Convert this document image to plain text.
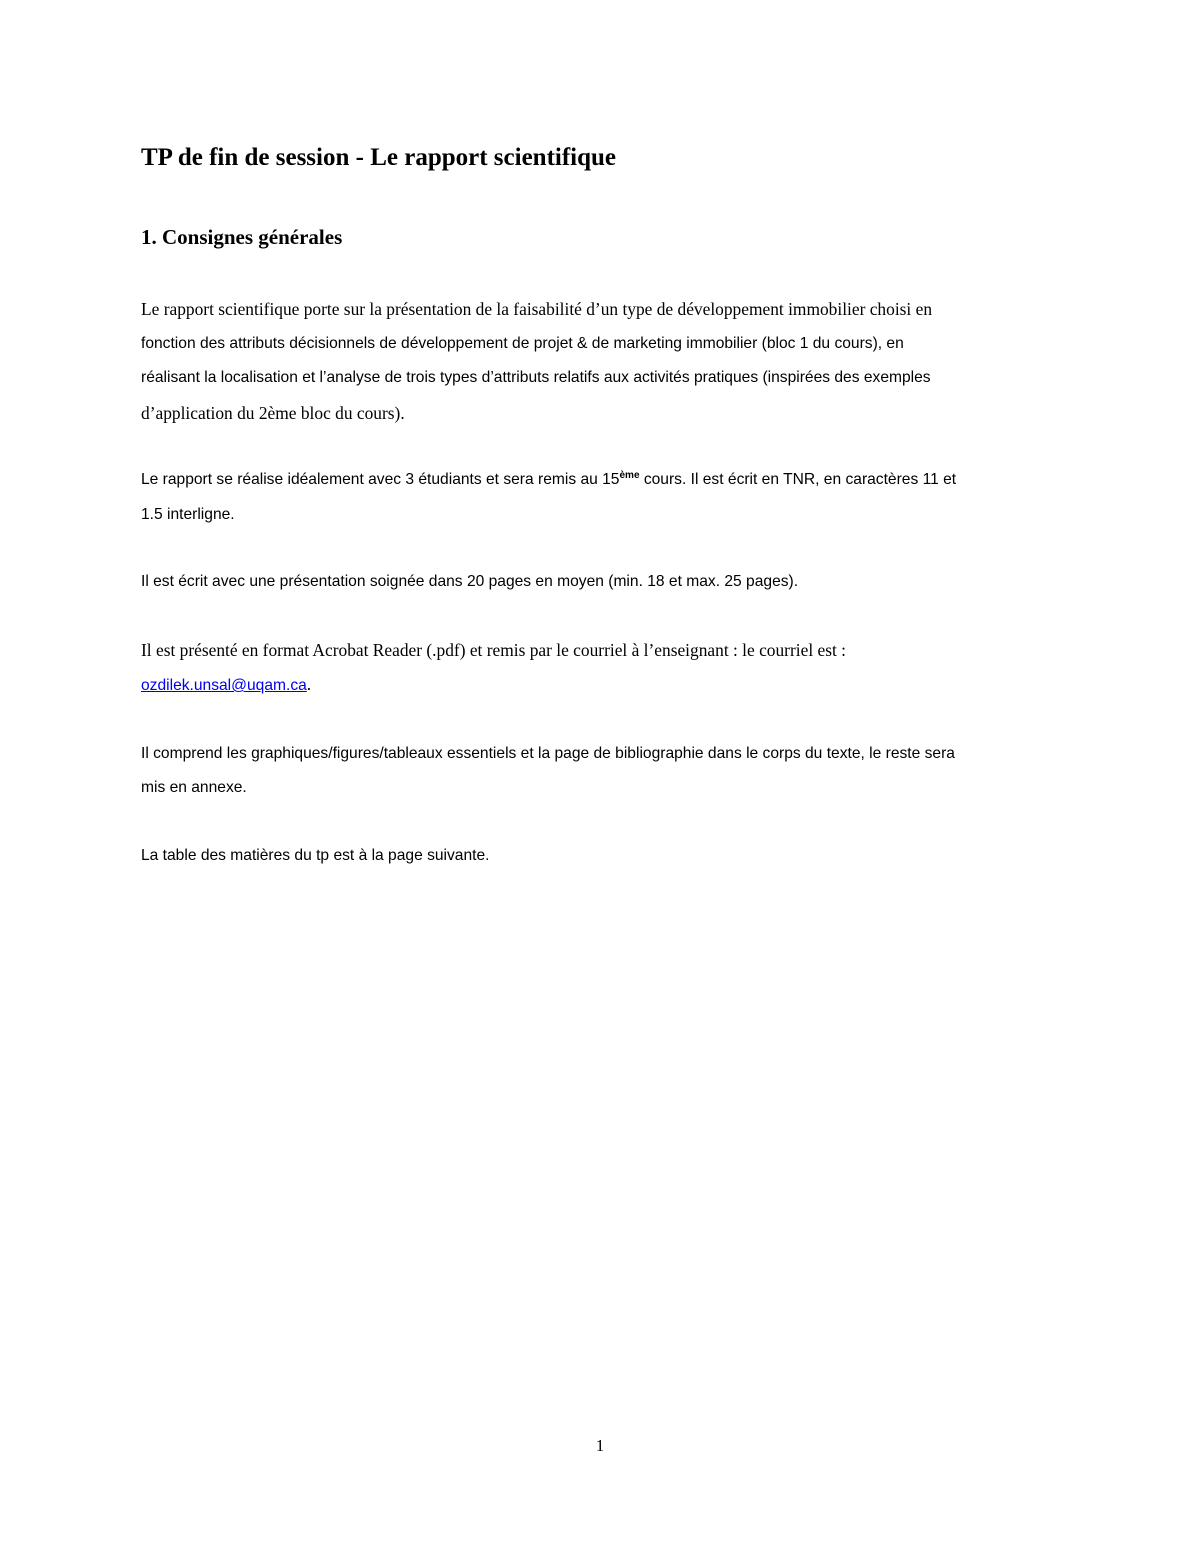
TP de fin de session - Le rapport scientifique
1. Consignes générales

Le rapport scientifique porte sur la présentation de la faisabilité d’un type de développement immobilier choisi en

fonction des attributs décisionnels de développement de projet & de marketing immobilier (bloc 1 du cours), en

réalisant la localisation et l’analyse de trois types d’attributs relatifs aux activités pratiques (inspirées des exemples

d’application du 2ème bloc du cours).

Le rapport se réalise idéalement avec 3 étudiants et sera remis au 15ème cours. Il est écrit en TNR, en caractères 11 et

1.5 interligne.

Il est écrit avec une présentation soignée dans 20 pages en moyen (min. 18 et max. 25 pages).

Il est présenté en format Acrobat Reader (.pdf) et remis par le courriel à l’enseignant : le courriel est :

ozdilek.unsal@uqam.ca.

Il comprend les graphiques/figures/tableaux essentiels et la page de bibliographie dans le corps du texte, le reste sera

mis en annexe.

La table des matières du tp est à la page suivante.

1
